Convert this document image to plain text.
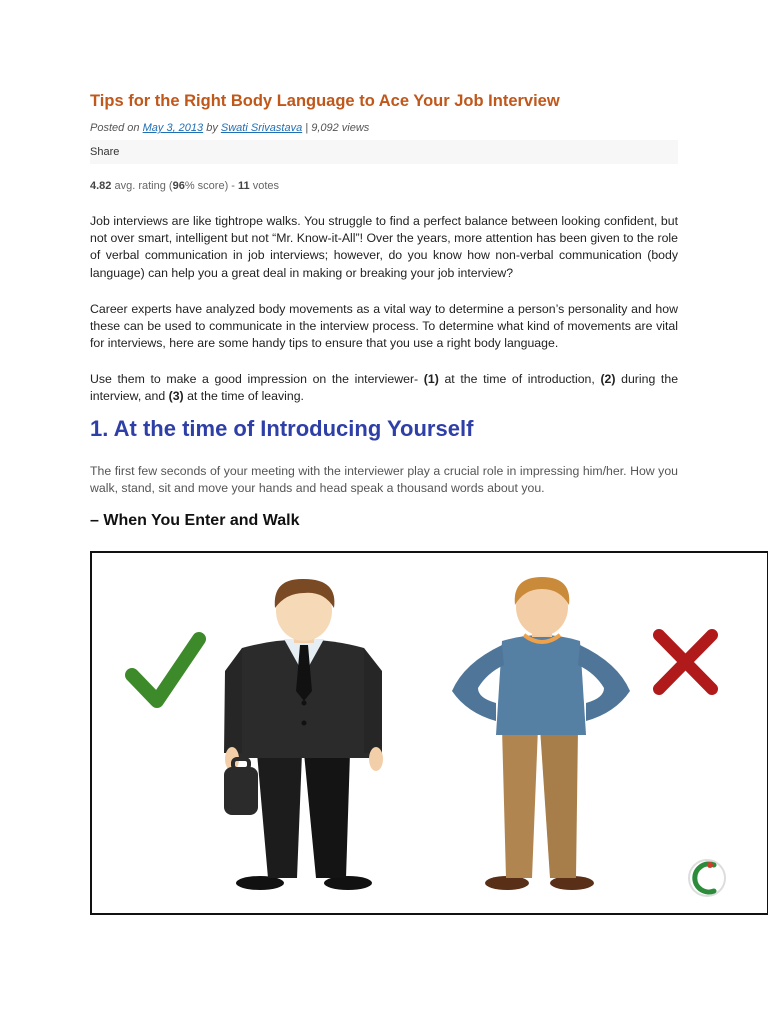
Tips for the Right Body Language to Ace Your Job Interview
Posted on May 3, 2013 by Swati Srivastava | 9,092 views
Share
4.82 avg. rating (96% score) - 11 votes

Job interviews are like tightrope walks. You struggle to find a perfect balance between looking confident, but not over smart, intelligent but not “Mr. Know-it-All”! Over the years, more attention has been given to the role of verbal communication in job interviews; however, do you know how non-verbal communication (body language) can help you a great deal in making or breaking your job interview?

Career experts have analyzed body movements as a vital way to determine a person’s personality and how these can be used to communicate in the interview process. To determine what kind of movements are vital for interviews, here are some handy tips to ensure that you use a right body language.

Use them to make a good impression on the interviewer- (1) at the time of introduction, (2) during the interview, and (3) at the time of leaving.

1. At the time of Introducing Yourself

The first few seconds of your meeting with the interviewer play a crucial role in impressing him/her. How you walk, stand, sit and move your hands and head speak a thousand words about you.

– When You Enter and Walk
